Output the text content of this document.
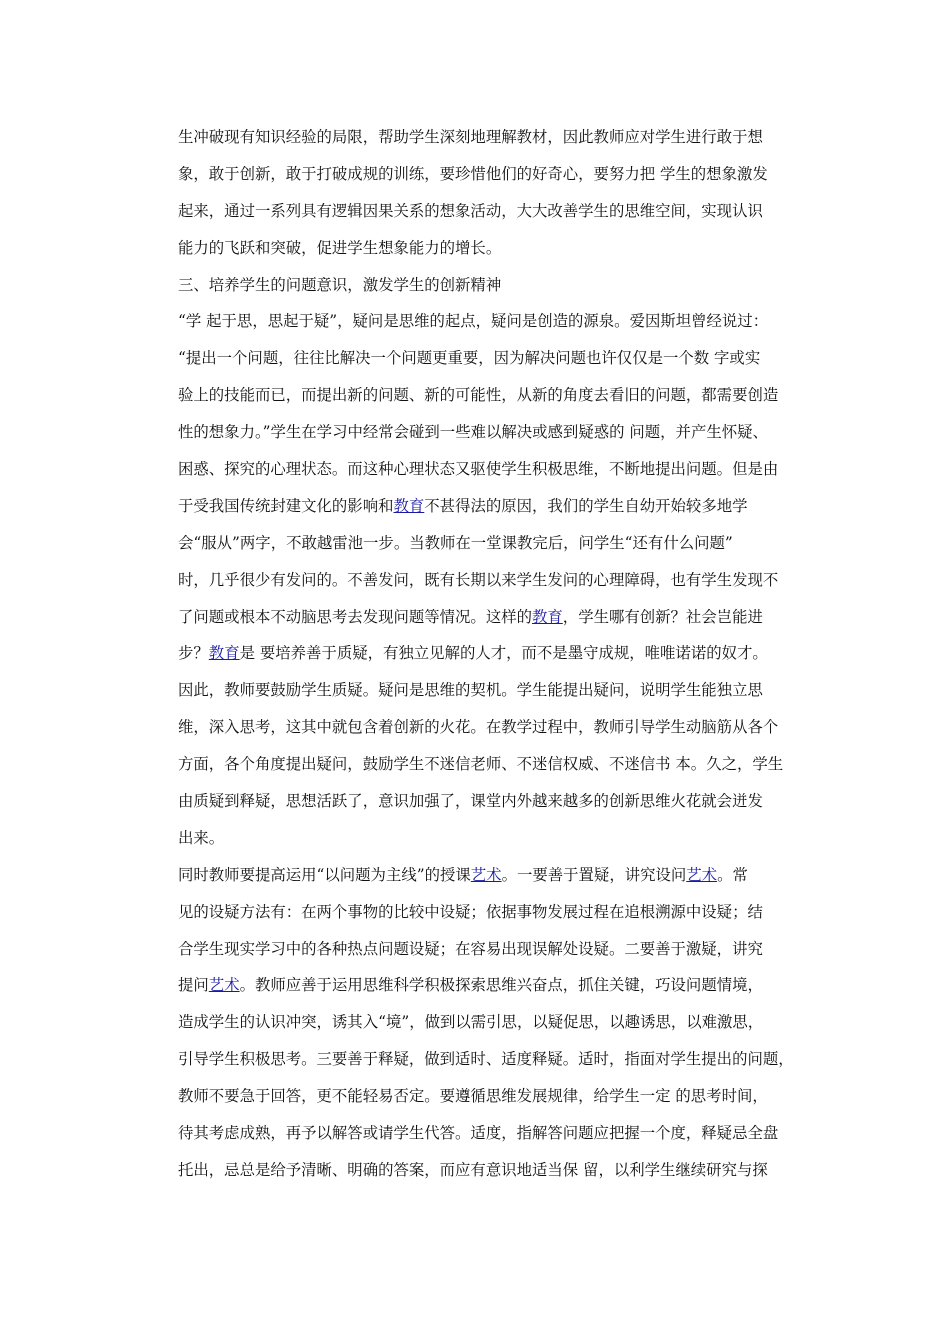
生冲破现有知识经验的局限，帮助学生深刻地理解教材，因此教师应对学生进行敢于想
象，敢于创新，敢于打破成规的训练，要珍惜他们的好奇心，要努力把 学生的想象激发
起来，通过一系列具有逻辑因果关系的想象活动，大大改善学生的思维空间，实现认识
能力的飞跃和突破，促进学生想象能力的增长。
三、培养学生的问题意识，激发学生的创新精神
“学 起于思，思起于疑”，疑问是思维的起点，疑问是创造的源泉。爱因斯坦曾经说过：
“提出一个问题，往往比解决一个问题更重要，因为解决问题也许仅仅是一个数 字或实
验上的技能而已，而提出新的问题、新的可能性，从新的角度去看旧的问题，都需要创造
性的想象力。”学生在学习中经常会碰到一些难以解决或感到疑惑的 问题，并产生怀疑、
困惑、探究的心理状态。而这种心理状态又驱使学生积极思维，不断地提出问题。但是由
于受我国传统封建文化的影响和教育不甚得法的原因，我们的学生自幼开始较多地学
会“服从”两字，不敢越雷池一步。当教师在一堂课教完后，问学生“还有什么问题”
时，几乎很少有发问的。不善发问，既有长期以来学生发问的心理障碍，也有学生发现不
了问题或根本不动脑思考去发现问题等情况。这样的教育，学生哪有创新？社会岂能进
步？教育是 要培养善于质疑，有独立见解的人才，而不是墨守成规，唯唯诺诺的奴才。
因此，教师要鼓励学生质疑。疑问是思维的契机。学生能提出疑问，说明学生能独立思
维，深入思考，这其中就包含着创新的火花。在教学过程中，教师引导学生动脑筋从各个
方面，各个角度提出疑问，鼓励学生不迷信老师、不迷信权威、不迷信书 本。久之，学生
由质疑到释疑，思想活跃了，意识加强了，课堂内外越来越多的创新思维火花就会迸发
出来。
同时教师要提高运用“以问题为主线”的授课艺术。一要善于置疑，讲究设问艺术。常
见的设疑方法有：在两个事物的比较中设疑；依据事物发展过程在追根溯源中设疑；结
合学生现实学习中的各种热点问题设疑；在容易出现误解处设疑。二要善于激疑，讲究
提问艺术。教师应善于运用思维科学积极探索思维兴奋点，抓住关键，巧设问题情境，
造成学生的认识冲突，诱其入“境”，做到以需引思，以疑促思，以趣诱思，以难激思，
引导学生积极思考。三要善于释疑，做到适时、适度释疑。适时，指面对学生提出的问题，
教师不要急于回答，更不能轻易否定。要遵循思维发展规律，给学生一定 的思考时间，
待其考虑成熟，再予以解答或请学生代答。适度，指解答问题应把握一个度，释疑忌全盘
托出，忌总是给予清晰、明确的答案，而应有意识地适当保 留，以利学生继续研究与探
